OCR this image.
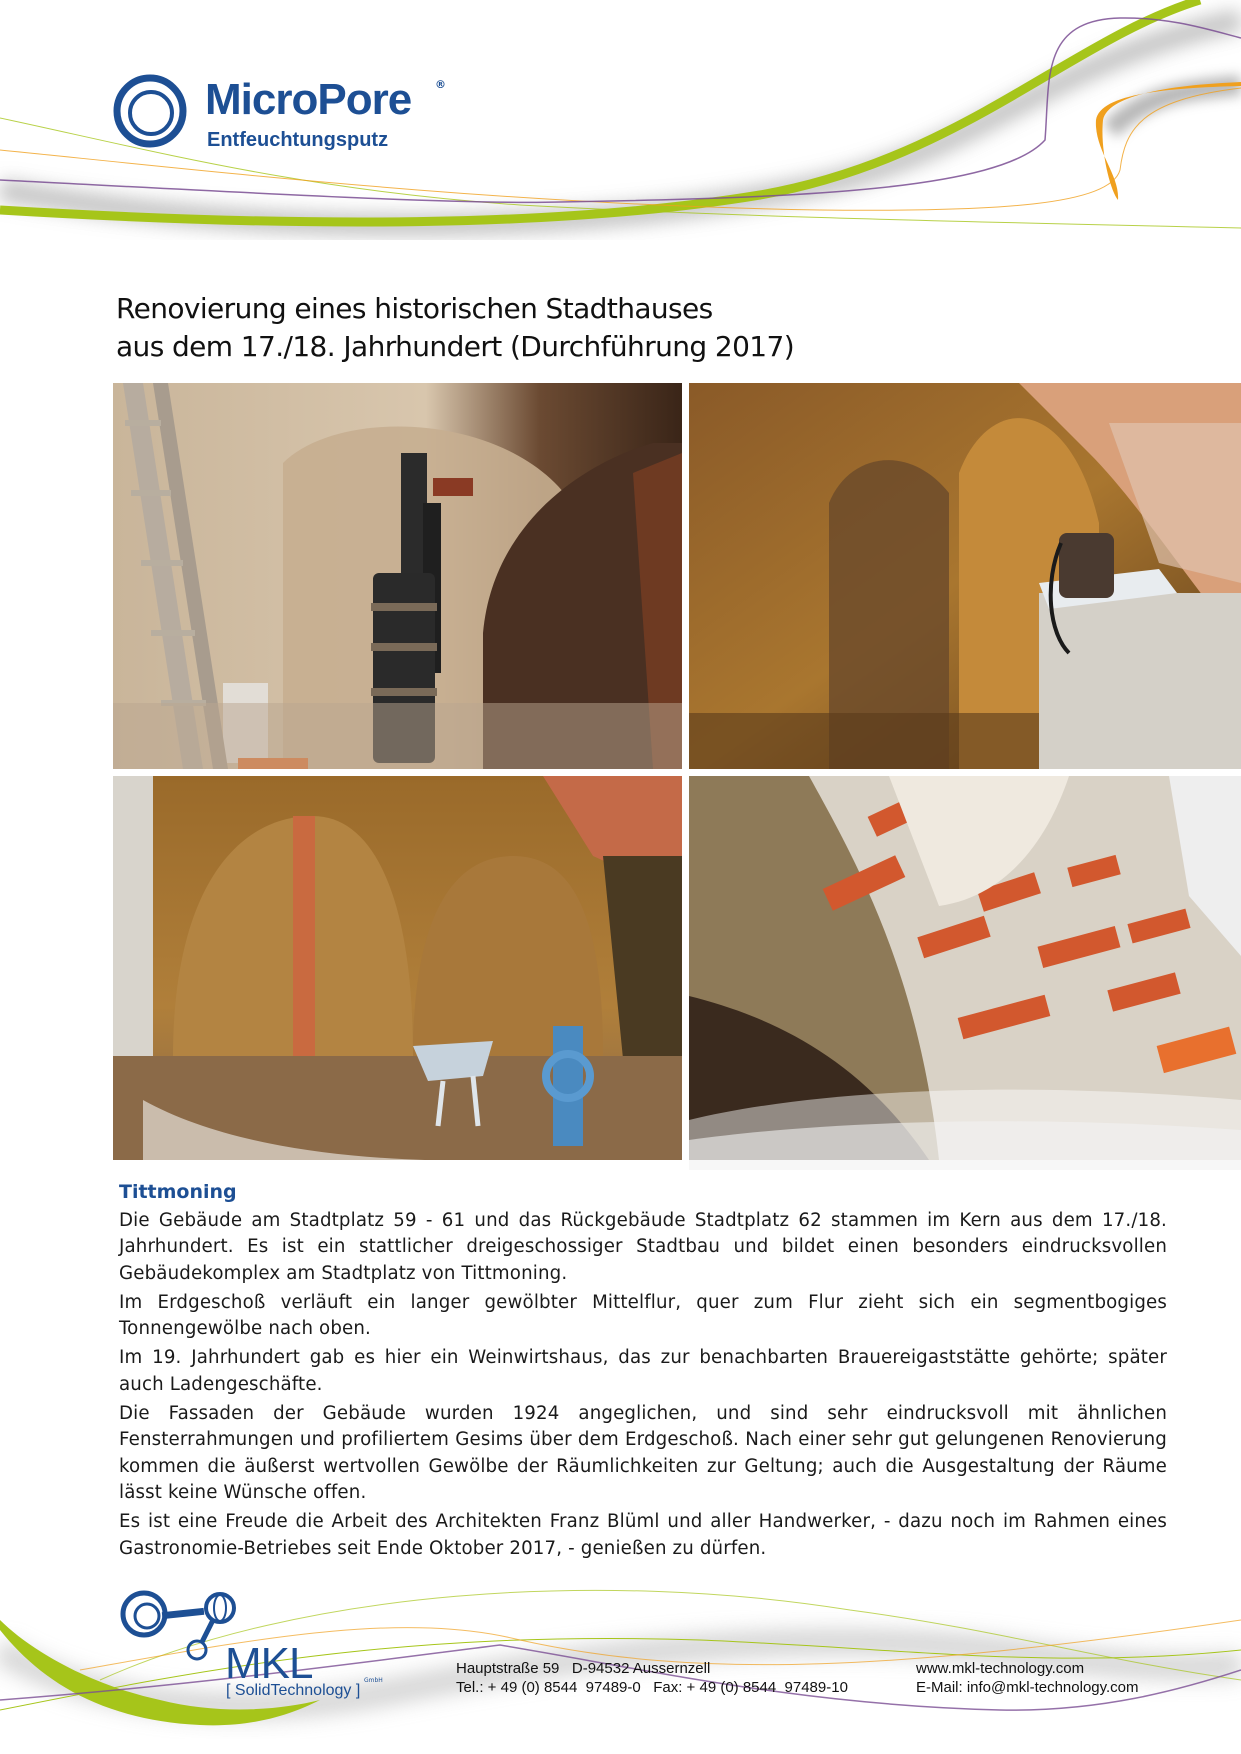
MicroPore ®
Entfeuchtungsputz
Renovierung eines historischen Stadthauses
aus dem 17./18. Jahrhundert (Durchführung 2017)
Tittmoning

Die Gebäude am Stadtplatz 59 - 61 und das Rückgebäude Stadtplatz 62 stammen im Kern aus dem 17./18. Jahrhundert. Es ist ein stattlicher dreigeschossiger Stadtbau und bildet einen besonders eindrucksvollen Gebäudekomplex am Stadtplatz von Tittmoning.

Im Erdgeschoß verläuft ein langer gewölbter Mittelflur, quer zum Flur zieht sich ein segmentbogiges Tonnengewölbe nach oben.

Im 19. Jahrhundert gab es hier ein Weinwirtshaus, das zur benachbarten Brauereigaststätte gehörte; später auch Ladengeschäfte.

Die Fassaden der Gebäude wurden 1924 angeglichen, und sind sehr eindrucksvoll mit ähnlichen Fensterrahmungen und profiliertem Gesims über dem Erdgeschoß. Nach einer sehr gut gelungenen Renovierung kommen die äußerst wertvollen Gewölbe der Räumlichkeiten zur Geltung; auch die Ausgestaltung der Räume lässt keine Wünsche offen.

Es ist eine Freude die Arbeit des Architekten Franz Blüml und aller Handwerker, - dazu noch im Rahmen eines Gastronomie-Betriebes seit Ende Oktober 2017, - genießen zu dürfen.

MKL	GmbH
[ SolidTechnology ]
Hauptstraße 59   D-94532 Aussernzell
Tel.: + 49 (0) 8544  97489-0   Fax: + 49 (0) 8544  97489-10
www.mkl-technology.com
E-Mail: info@mkl-technology.com
